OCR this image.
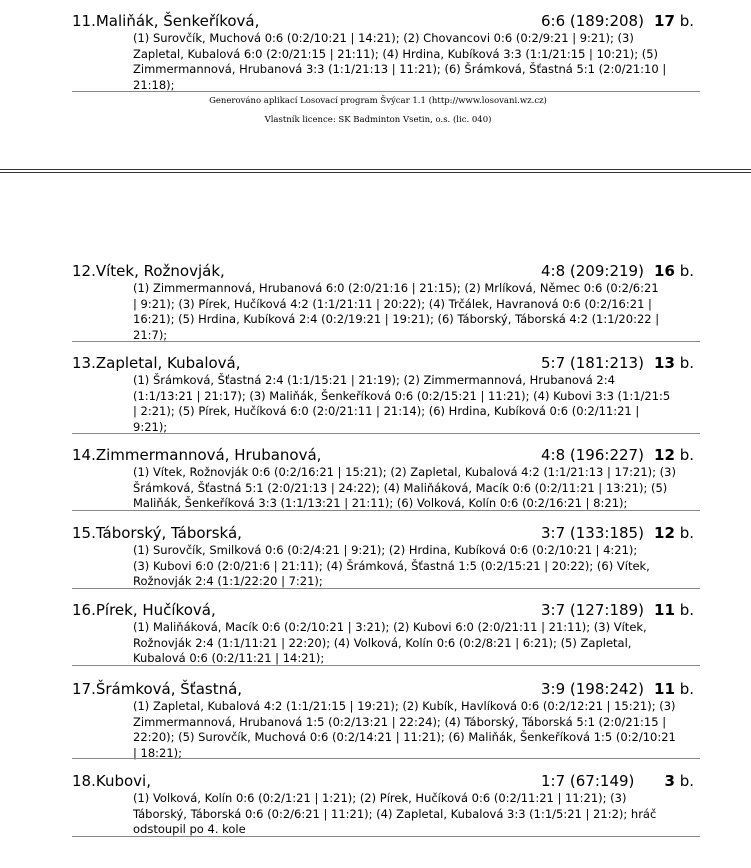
11.Maliňák, Šenkeříková,	6:6 (189:208) 17 b.
(1) Surovčík, Muchová 0:6 (0:2/10:21 | 14:21); (2) Chovancovi 0:6 (0:2/9:21 | 9:21); (3)
Zapletal, Kubalová 6:0 (2:0/21:15 | 21:11); (4) Hrdina, Kubíková 3:3 (1:1/21:15 | 10:21); (5)
Zimmermannová, Hrubanová 3:3 (1:1/21:13 | 11:21); (6) Šrámková, Šťastná 5:1 (2:0/21:10 |
21:18);
Generováno aplikací Losovací program Švýcar 1.1 (http://www.losovani.wz.cz)
Vlastník licence: SK Badminton Vsetin, o.s. (lic. 040)
12.Vítek, Rožnovják,	4:8 (209:219) 16 b.
(1) Zimmermannová, Hrubanová 6:0 (2:0/21:16 | 21:15); (2) Mrlíková, Němec 0:6 (0:2/6:21
| 9:21); (3) Pírek, Hučíková 4:2 (1:1/21:11 | 20:22); (4) Trčálek, Havranová 0:6 (0:2/16:21 |
16:21); (5) Hrdina, Kubíková 2:4 (0:2/19:21 | 19:21); (6) Táborský, Táborská 4:2 (1:1/20:22 |
21:7);
13.Zapletal, Kubalová,	5:7 (181:213) 13 b.
(1) Šrámková, Šťastná 2:4 (1:1/15:21 | 21:19); (2) Zimmermannová, Hrubanová 2:4
(1:1/13:21 | 21:17); (3) Maliňák, Šenkeříková 0:6 (0:2/15:21 | 11:21); (4) Kubovi 3:3 (1:1/21:5
| 2:21); (5) Pírek, Hučíková 6:0 (2:0/21:11 | 21:14); (6) Hrdina, Kubíková 0:6 (0:2/11:21 |
9:21);
14.Zimmermannová, Hrubanová,	4:8 (196:227) 12 b.
(1) Vítek, Rožnovják 0:6 (0:2/16:21 | 15:21); (2) Zapletal, Kubalová 4:2 (1:1/21:13 | 17:21); (3)
Šrámková, Šťastná 5:1 (2:0/21:13 | 24:22); (4) Maliňáková, Macík 0:6 (0:2/11:21 | 13:21); (5)
Maliňák, Šenkeříková 3:3 (1:1/13:21 | 21:11); (6) Volková, Kolín 0:6 (0:2/16:21 | 8:21);
15.Táborský, Táborská,	3:7 (133:185) 12 b.
(1) Surovčík, Smilková 0:6 (0:2/4:21 | 9:21); (2) Hrdina, Kubíková 0:6 (0:2/10:21 | 4:21);
(3) Kubovi 6:0 (2:0/21:6 | 21:11); (4) Šrámková, Šťastná 1:5 (0:2/15:21 | 20:22); (6) Vítek,
Rožnovják 2:4 (1:1/22:20 | 7:21);
16.Pírek, Hučíková,	3:7 (127:189) 11 b.
(1) Maliňáková, Macík 0:6 (0:2/10:21 | 3:21); (2) Kubovi 6:0 (2:0/21:11 | 21:11); (3) Vítek,
Rožnovják 2:4 (1:1/11:21 | 22:20); (4) Volková, Kolín 0:6 (0:2/8:21 | 6:21); (5) Zapletal,
Kubalová 0:6 (0:2/11:21 | 14:21);
17.Šrámková, Šťastná,	3:9 (198:242) 11 b.
(1) Zapletal, Kubalová 4:2 (1:1/21:15 | 19:21); (2) Kubík, Havlíková 0:6 (0:2/12:21 | 15:21); (3)
Zimmermannová, Hrubanová 1:5 (0:2/13:21 | 22:24); (4) Táborský, Táborská 5:1 (2:0/21:15 |
22:20); (5) Surovčík, Muchová 0:6 (0:2/14:21 | 11:21); (6) Maliňák, Šenkeříková 1:5 (0:2/10:21
| 18:21);
18.Kubovi,	1:7 (67:149) 3 b.
(1) Volková, Kolín 0:6 (0:2/1:21 | 1:21); (2) Pírek, Hučíková 0:6 (0:2/11:21 | 11:21); (3)
Táborský, Táborská 0:6 (0:2/6:21 | 11:21); (4) Zapletal, Kubalová 3:3 (1:1/5:21 | 21:2); hráč
odstoupil po 4. kole
